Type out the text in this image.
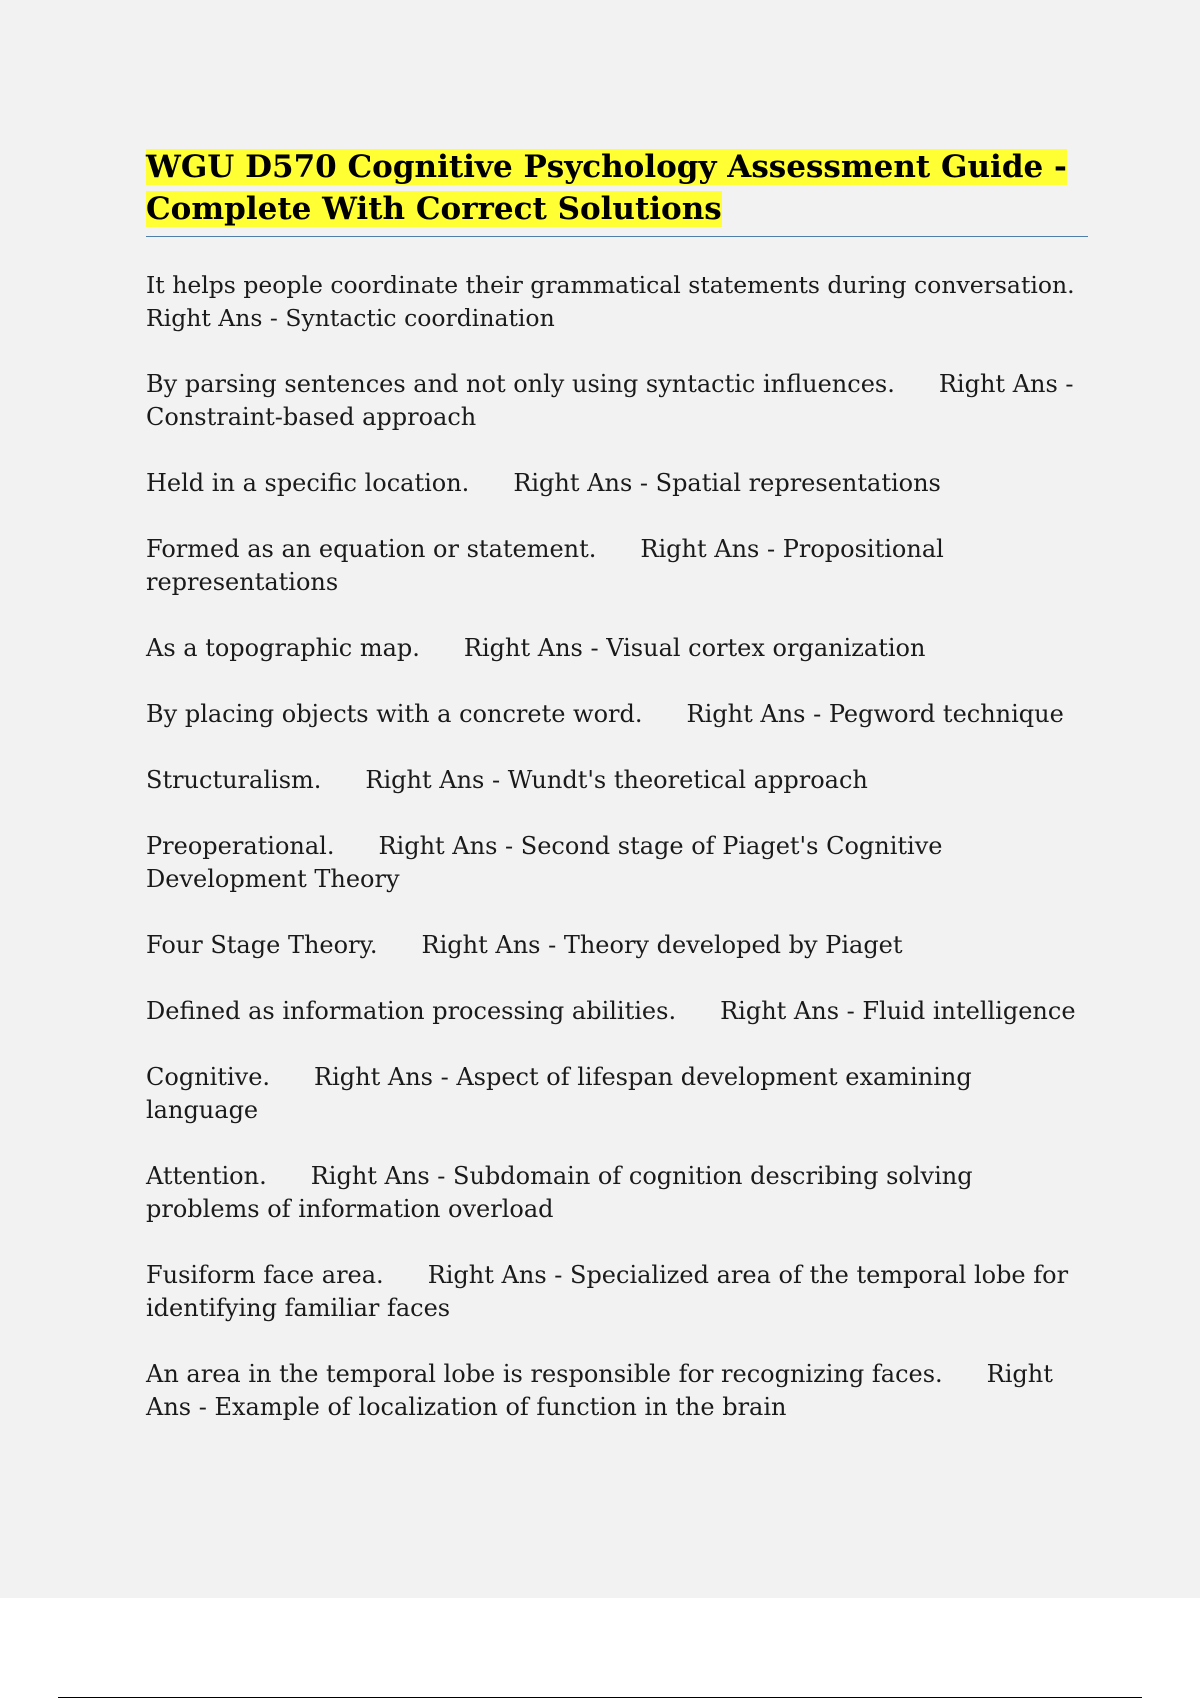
WGU D570 Cognitive Psychology Assessment Guide -
Complete With Correct Solutions

It helps people coordinate their grammatical statements during conversation. Right Ans - Syntactic coordination

By parsing sentences and not only using syntactic influences. Right Ans - Constraint-based approach

Held in a specific location. Right Ans - Spatial representations

Formed as an equation or statement. Right Ans - Propositional representations

As a topographic map. Right Ans - Visual cortex organization

By placing objects with a concrete word. Right Ans - Pegword technique

Structuralism. Right Ans - Wundt's theoretical approach

Preoperational. Right Ans - Second stage of Piaget's Cognitive Development Theory

Four Stage Theory. Right Ans - Theory developed by Piaget

Defined as information processing abilities. Right Ans - Fluid intelligence

Cognitive. Right Ans - Aspect of lifespan development examining language

Attention. Right Ans - Subdomain of cognition describing solving problems of information overload

Fusiform face area. Right Ans - Specialized area of the temporal lobe for identifying familiar faces

An area in the temporal lobe is responsible for recognizing faces. Right Ans - Example of localization of function in the brain
